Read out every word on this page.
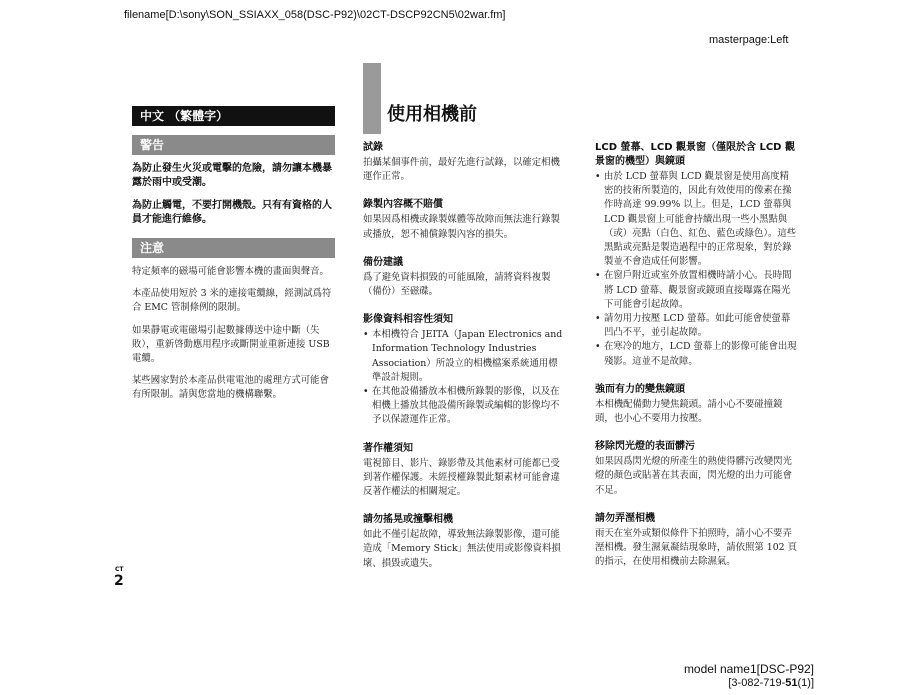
filename[D:\sony\SON_SSIAXX_058(DSC-P92)\02CT-DSCP92CN5\02war.fm]
masterpage:Left
中文 （繁體字）
警告
為防止發生火災或電擊的危險，請勿讓本機暴露於雨中或受潮。
為防止觸電，不要打開機殼。只有有資格的人員才能進行維修。
注意
特定頻率的磁場可能會影響本機的畫面與聲音。
本產品使用短於 3 米的連接電纜線，經測試爲符合 EMC 管制條例的限制。
如果靜電或電磁場引起數據傳送中途中斷（失敗），重新啓動應用程序或斷開並重新連接 USB 電纜。
某些國家對於本產品供電電池的處理方式可能會有所限制。請與您當地的機構聯繫。
使用相機前
試錄
拍攝某個事件前，最好先進行試錄，以確定相機運作正常。
錄製內容概不賠償
如果因爲相機或錄製媒體等故障而無法進行錄製或播放，恕不補償錄製內容的損失。
備份建議
爲了避免資料損毀的可能風險，請將資料複製（備份）至磁碟。
影像資料相容性須知
• 本相機符合 JEITA（Japan Electronics and Information Technology Industries Association）所設立的相機檔案系統通用標準設計規則。
• 在其他設備播放本相機所錄製的影像，以及在相機上播放其他設備所錄製或編輯的影像均不予以保證運作正常。
著作權須知
電視節目、影片、錄影帶及其他素材可能都已受到著作權保護。未經授權錄製此類素材可能會違反著作權法的相關規定。
請勿搖晃或撞擊相機
如此不僅引起故障，導致無法錄製影像，還可能造成「Memory Stick」無法使用或影像資料損壞、損毀或遺失。
LCD 螢幕、LCD 觀景窗（僅限於含 LCD 觀景窗的機型）與鏡頭
• 由於 LCD 螢幕與 LCD 觀景窗是使用高度精密的技術所製造的，因此有效使用的像素在操作時高達 99.99% 以上。但是，LCD 螢幕與 LCD 觀景窗上可能會持續出現一些小黑點與（或）亮點（白色、紅色、藍色或綠色）。這些黑點或亮點是製造過程中的正常現象，對於錄製並不會造成任何影響。
• 在窗戶附近或室外放置相機時請小心。長時間將 LCD 螢幕、觀景窗或鏡頭直接曝露在陽光下可能會引起故障。
• 請勿用力按壓 LCD 螢幕。如此可能會使螢幕凹凸不平，並引起故障。
• 在寒冷的地方，LCD 螢幕上的影像可能會出現殘影。這並不是故障。
強而有力的變焦鏡頭
本相機配備動力變焦鏡頭。請小心不要碰撞鏡頭，也小心不要用力按壓。
移除閃光燈的表面髒污
如果因爲閃光燈的所產生的熱使得髒污改變閃光燈的顏色或貼著在其表面，閃光燈的出力可能會不足。
請勿弄溼相機
雨天在室外或類似條件下拍照時，請小心不要弄溼相機。發生濕氣凝結現象時，請依照第 102 頁的指示，在使用相機前去除濕氣。
CT
2
model name1[DSC-P92]
[3-082-719-51(1)]
